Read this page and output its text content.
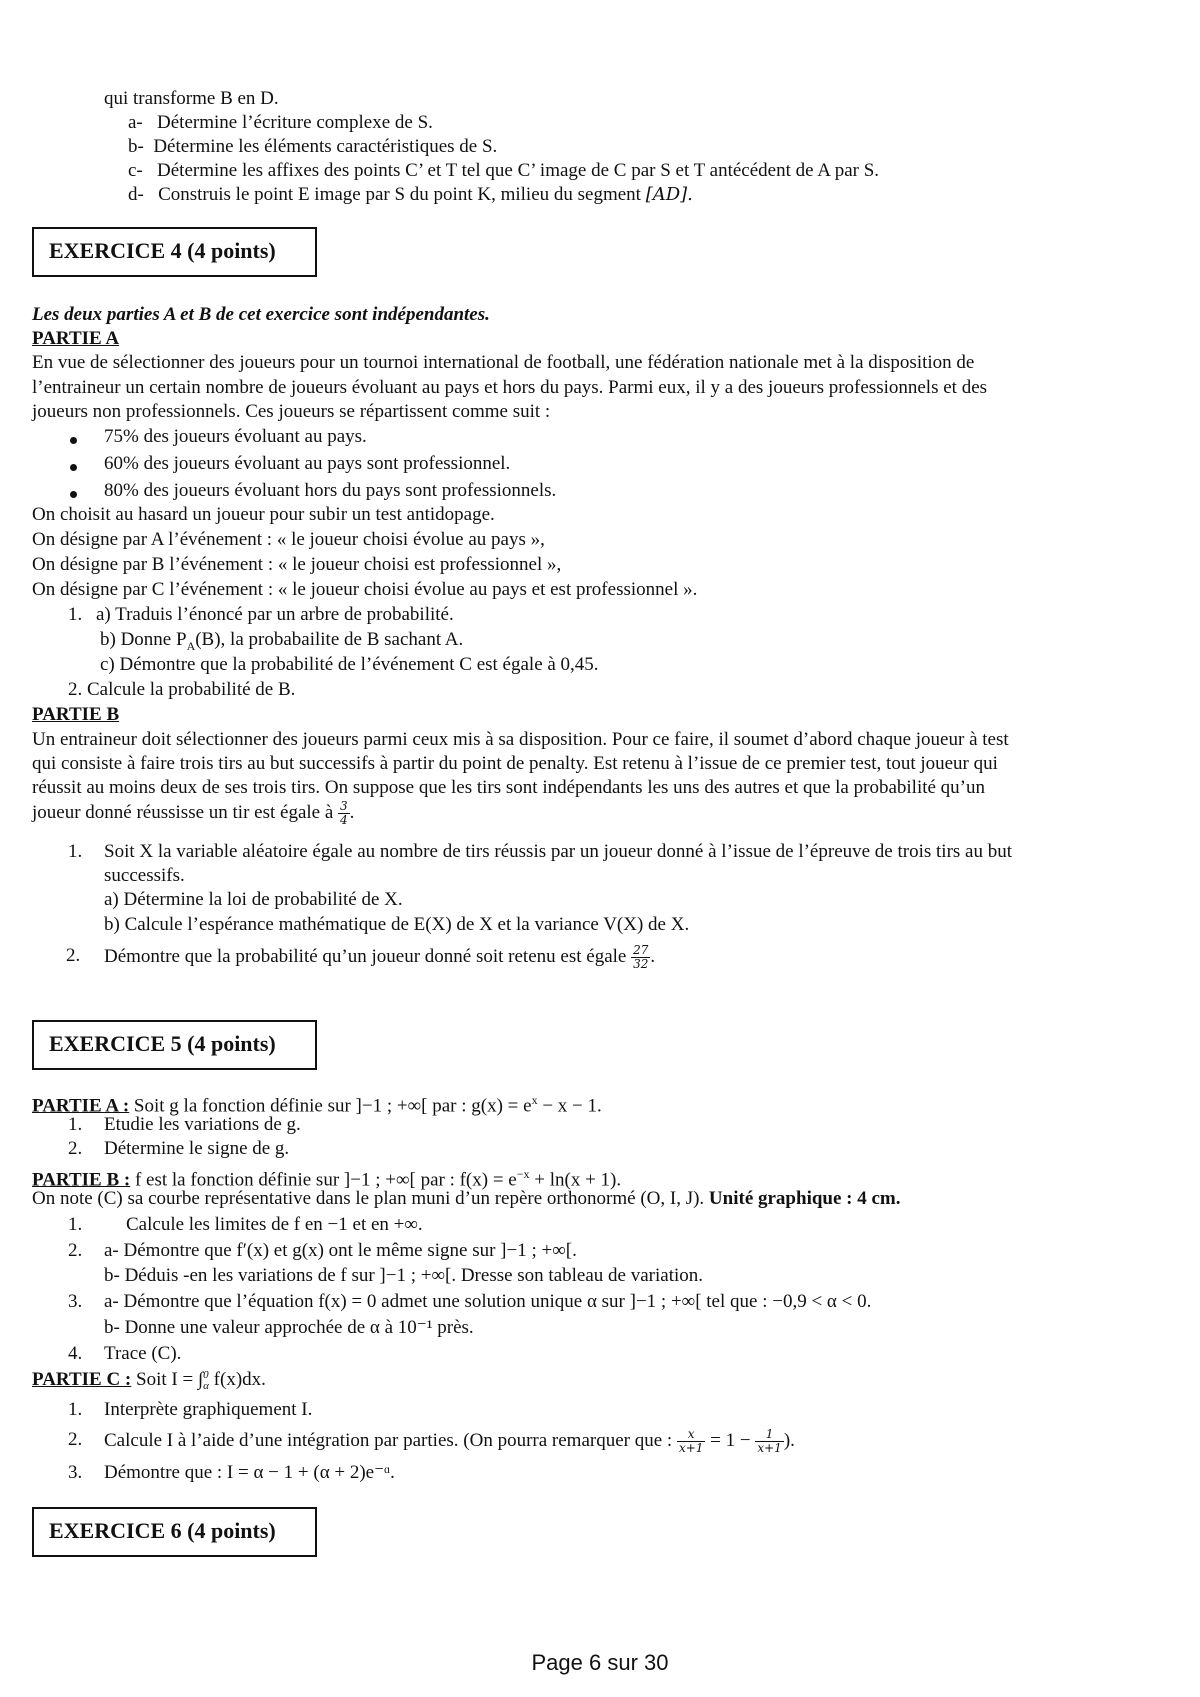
qui transforme B en D.
a- Détermine l’écriture complexe de S.
b- Détermine les éléments caractéristiques de S.
c- Détermine les affixes des points C’ et T tel que C’ image de C par S et T antécédent de A par S.
d- Construis le point E image par S du point K, milieu du segment [AD].
EXERCICE 4 (4 points)
Les deux parties A et B de cet exercice sont indépendantes.
PARTIE A
En vue de sélectionner des joueurs pour un tournoi international de football, une fédération nationale met à la disposition de
l’entraineur un certain nombre de joueurs évoluant au pays et hors du pays. Parmi eux, il y a des joueurs professionnels et des
joueurs non professionnels. Ces joueurs se répartissent comme suit :
75% des joueurs évoluant au pays.
60% des joueurs évoluant au pays sont professionnel.
80% des joueurs évoluant hors du pays sont professionnels.
On choisit au hasard un joueur pour subir un test antidopage.
On désigne par A l’événement : « le joueur choisi évolue au pays »,
On désigne par B l’événement : « le joueur choisi est professionnel »,
On désigne par C l’événement : « le joueur choisi évolue au pays et est professionnel ».
1. a) Traduis l’énoncé par un arbre de probabilité.
b) Donne $P_A(B)$, la probabailite de B sachant A.
c) Démontre que la probabilité de l’événement C est égale à 0,45.
2. Calcule la probabilité de B.
PARTIE B
Un entraineur doit sélectionner des joueurs parmi ceux mis à sa disposition. Pour ce faire, il soumet d’abord chaque joueur à test
qui consiste à faire trois tirs au but successifs à partir du point de penalty. Est retenu à l’issue de ce premier test, tout joueur qui
réussit au moins deux de ses trois tirs. On suppose que les tirs sont indépendants les uns des autres et que la probabilité qu’un
joueur donné réussisse un tir est égale à $\frac{3}{4}$ .
1. Soit X la variable aléatoire égale au nombre de tirs réussis par un joueur donné à l’issue de l’épreuve de trois tirs au but
successifs.
a) Détermine la loi de probabilité de X.
b) Calcule l’espérance mathématique de E(X) de X et la variance V(X) de X.
2. Démontre que la probabilité qu’un joueur donné soit retenu est égale $\frac{27}{32}$ .
EXERCICE 5 (4 points)
PARTIE A : Soit g la fonction définie sur ]−1 ; +∞[ par : $g(x) = e^x - x - 1$.
1. Etudie les variations de g.
2. Détermine le signe de g.
PARTIE B : f est la fonction définie sur ]−1 ; +∞[ par : $f(x) = e^{-x} + \ln(x + 1)$.
On note (C) sa courbe représentative dans le plan muni d’un repère orthonormé (O, I, J). Unité graphique : 4 cm.
1. Calcule les limites de f en −1 et en +∞.
2. a- Démontre que f′(x) et g(x) ont le même signe sur ]−1 ; +∞[.
b- Déduis -en les variations de f sur ]−1 ; +∞[. Dresse son tableau de variation.
3. a- Démontre que l’équation f(x) = 0 admet une solution unique α sur ]−1 ; +∞[ tel que : −0,9 < α < 0.
b- Donne une valeur approchée de α à 10⁻¹ près.
4. Trace (C).
PARTIE C : Soit I = ∫ 0
α f(x)dx.
1. Interprète graphiquement I.
2. Calcule I à l’aide d’une intégration par parties. (On pourra remarquer que : $\frac{x}{x+1} = 1 - \frac{1}{x+1}$ ).
3. Démontre que : I = α − 1 + (α + 2)e⁻ᵅ.
EXERCICE 6 (4 points)
Page 6 sur 30
